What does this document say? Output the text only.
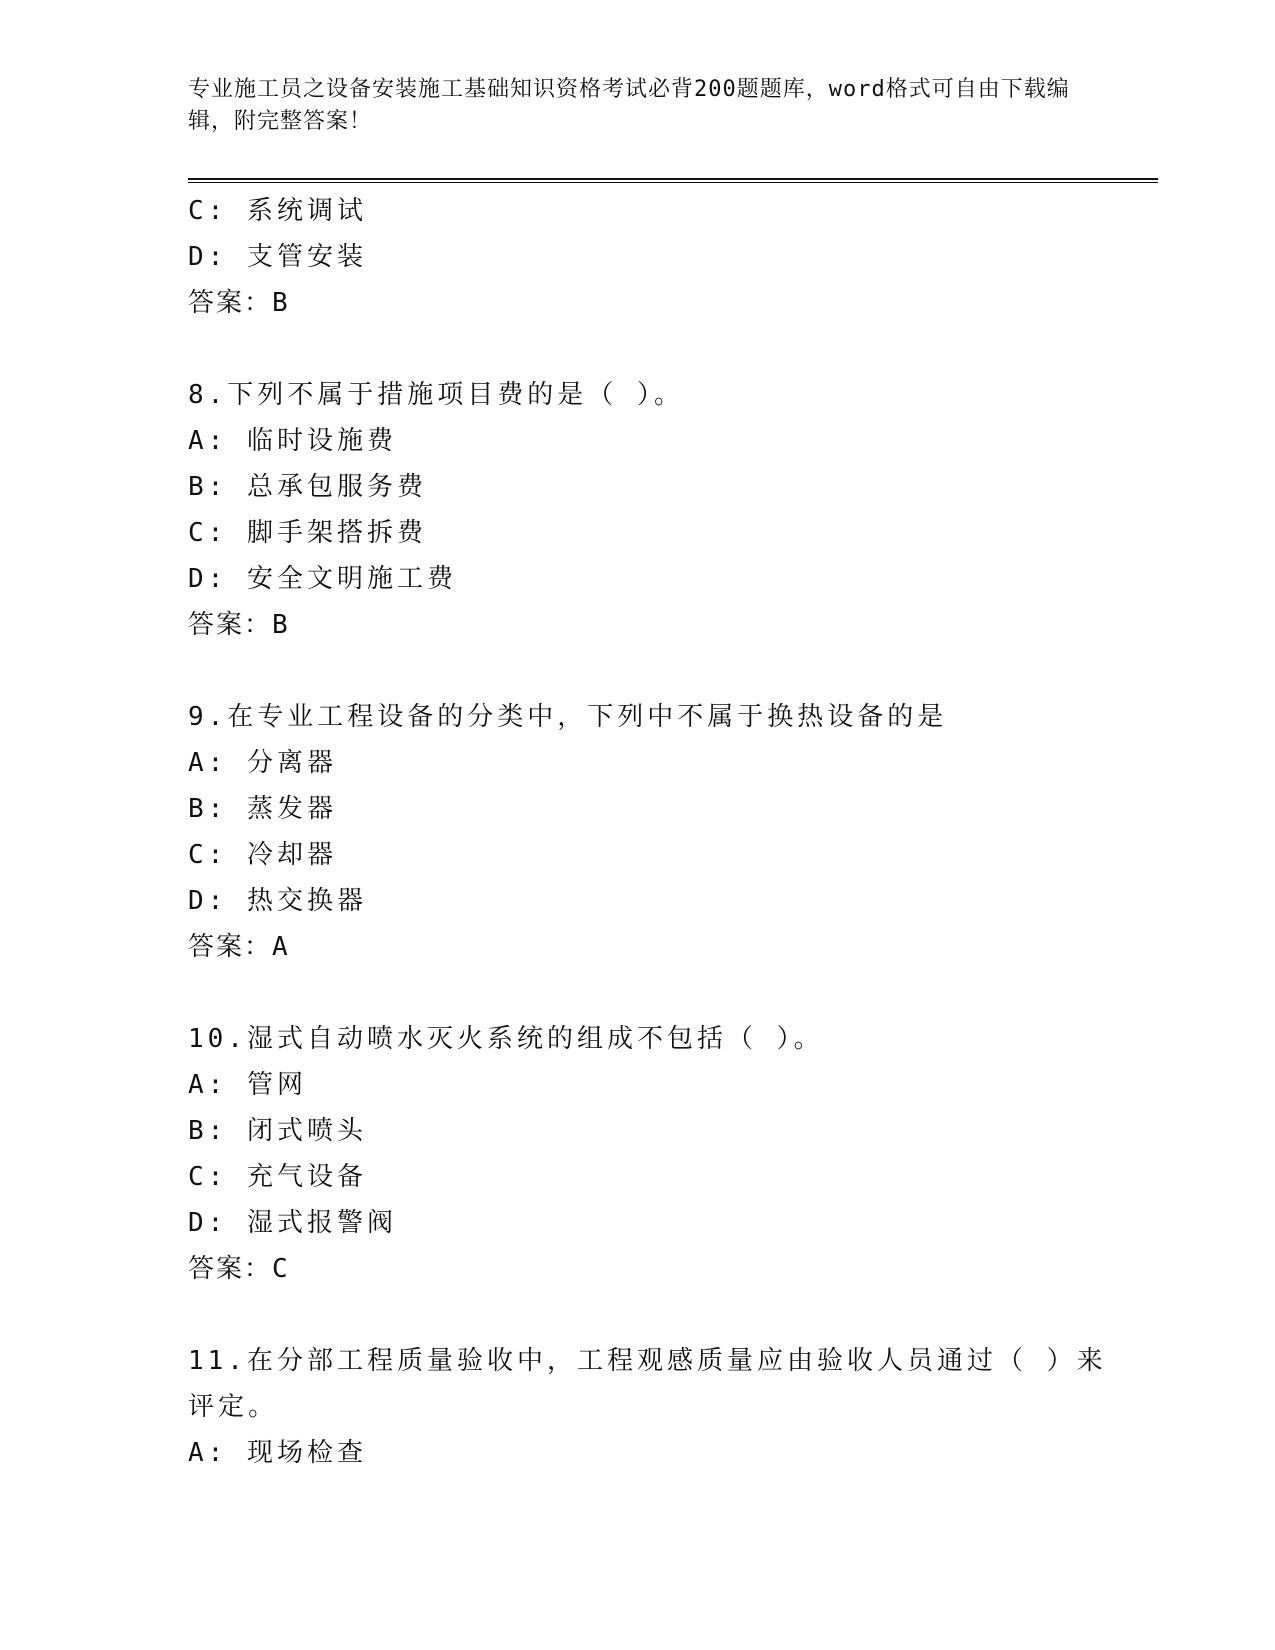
专业施工员之设备安装施工基础知识资格考试必背200题题库，word格式可自由下载编辑，附完整答案！

C: 系统调试

D: 支管安装

答案：B

8.下列不属于措施项目费的是（ ）。

A: 临时设施费

B: 总承包服务费

C: 脚手架搭拆费

D: 安全文明施工费

答案：B

9.在专业工程设备的分类中，下列中不属于换热设备的是

A: 分离器

B: 蒸发器

C: 冷却器

D: 热交换器

答案：A

10.湿式自动喷水灭火系统的组成不包括（ ）。

A: 管网

B: 闭式喷头

C: 充气设备

D: 湿式报警阀

答案：C

11.在分部工程质量验收中，工程观感质量应由验收人员通过（ ）来

评定。

A: 现场检查
